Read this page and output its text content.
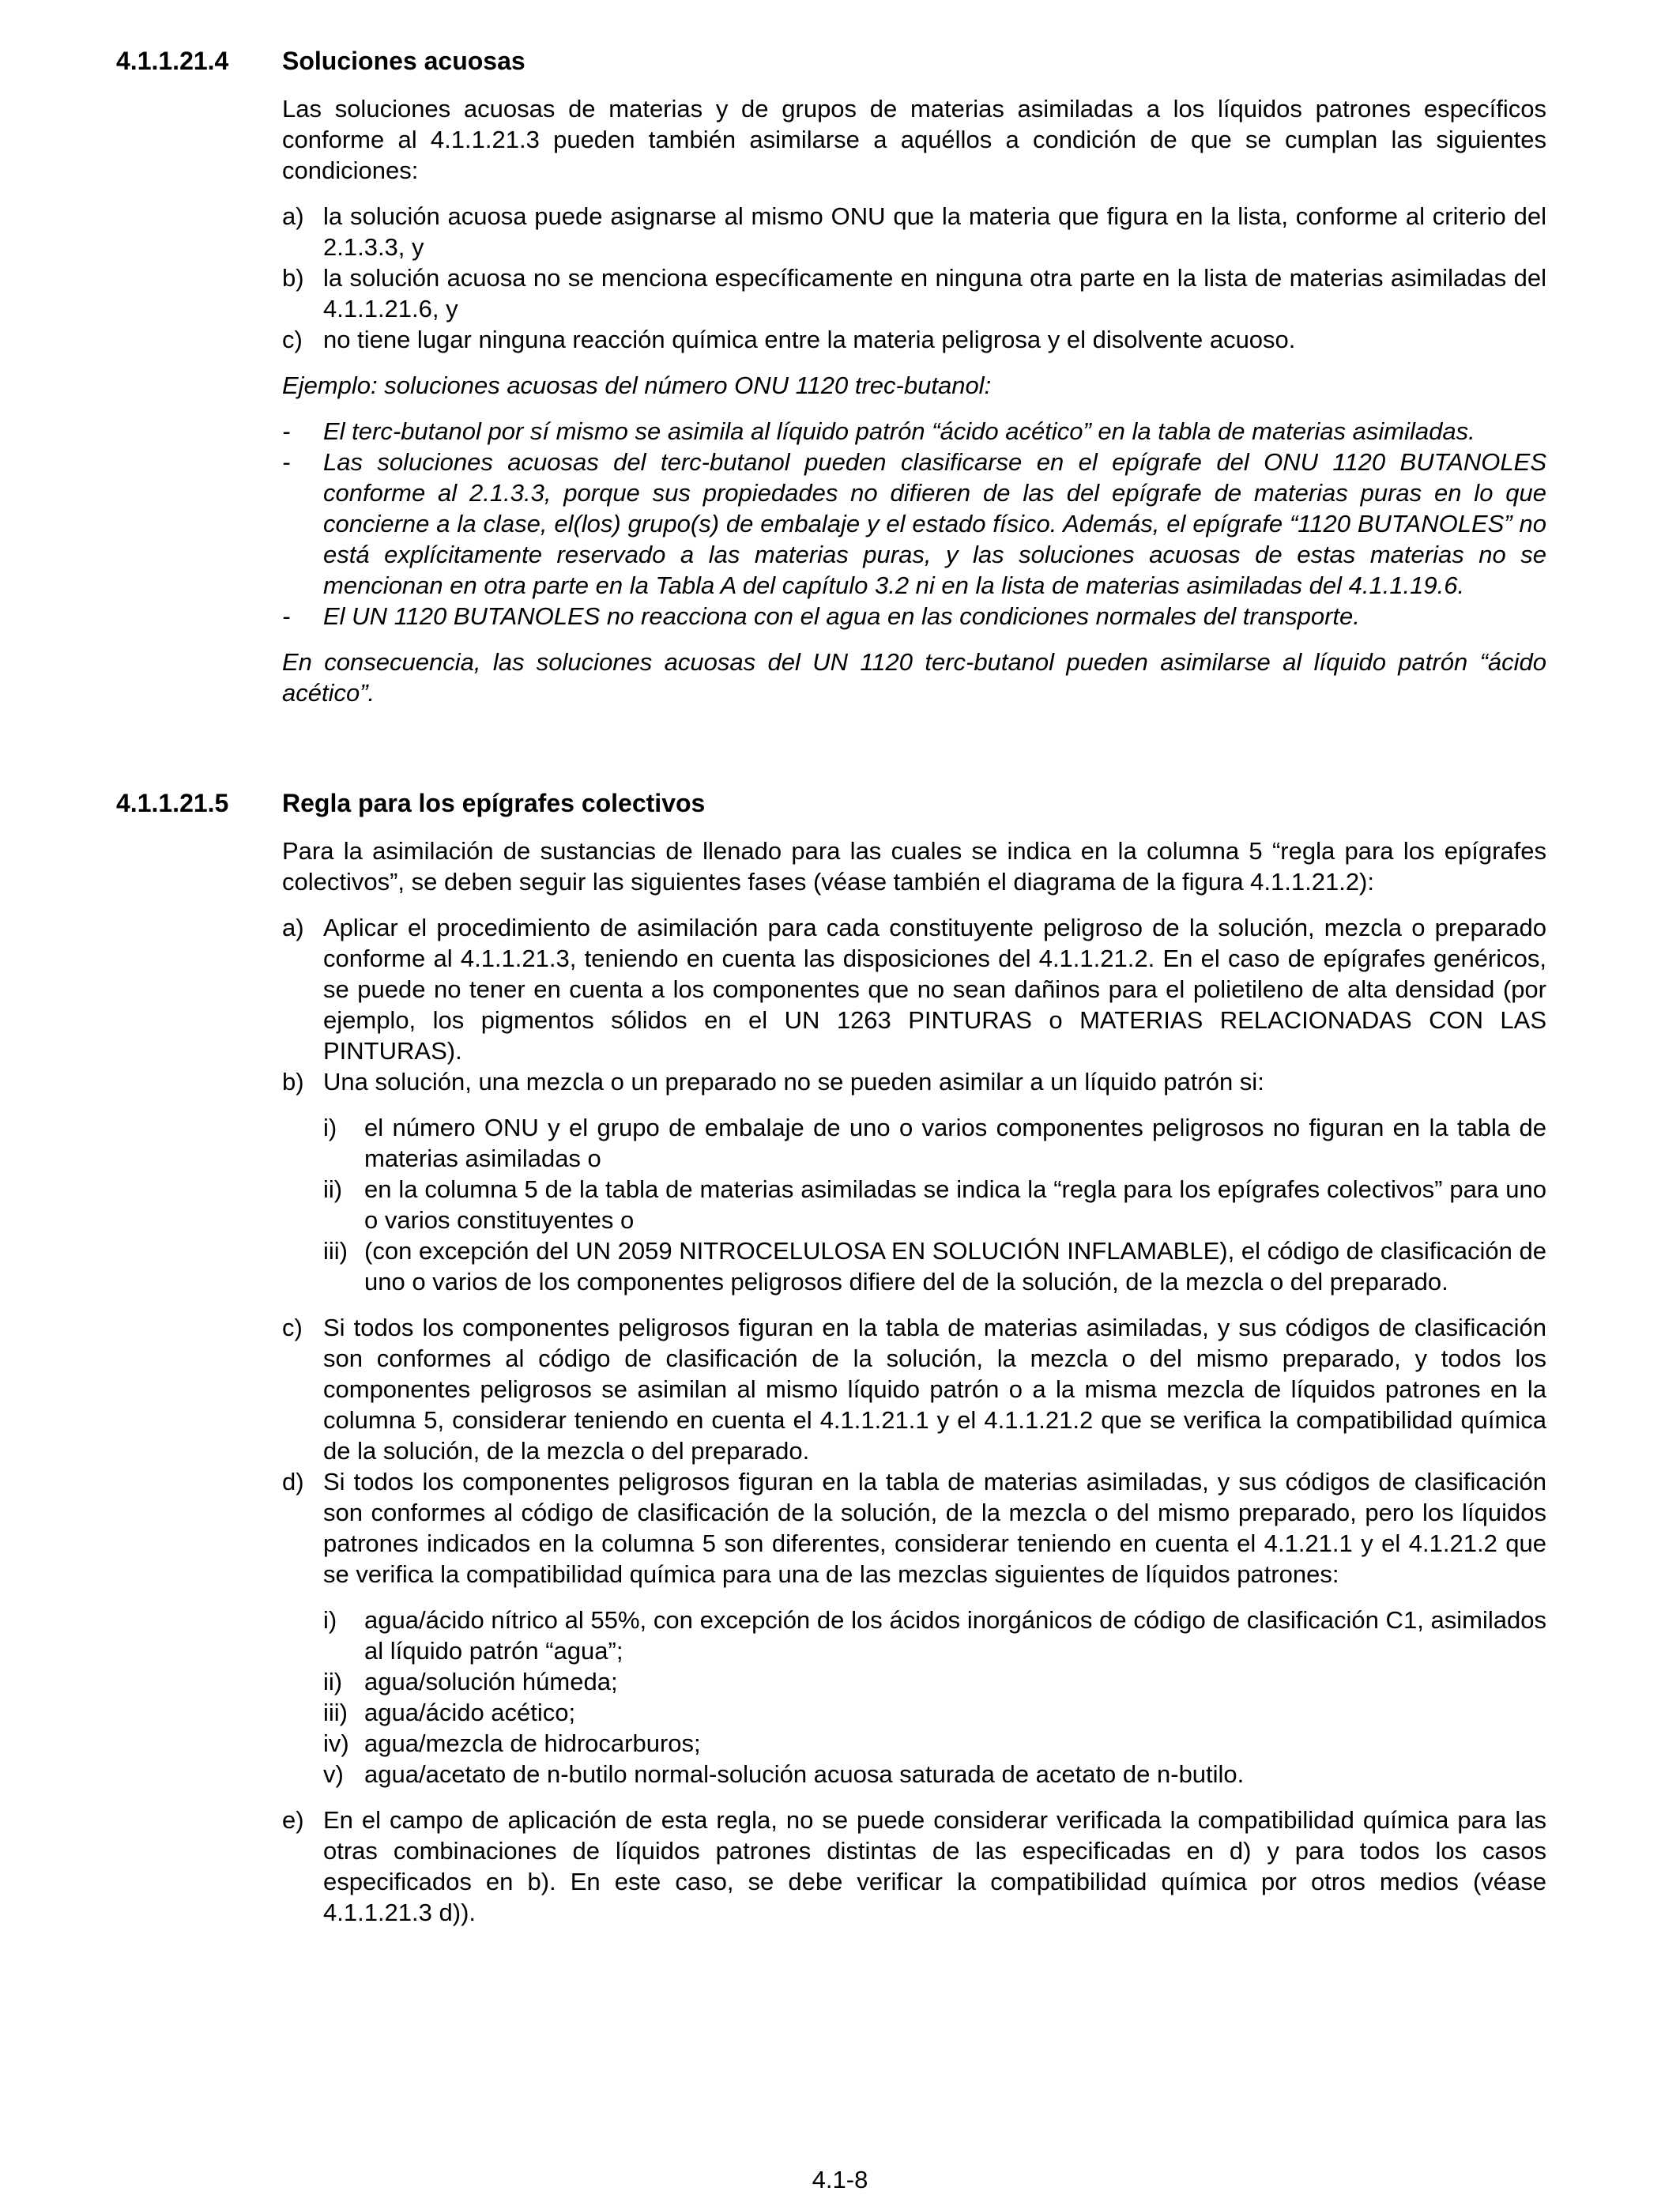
4.1.1.21.4 Soluciones acuosas

Las soluciones acuosas de materias y de grupos de materias asimiladas a los líquidos patrones específicos conforme al 4.1.1.21.3 pueden también asimilarse a aquéllos a condición de que se cumplan las siguientes condiciones:

a) la solución acuosa puede asignarse al mismo ONU que la materia que figura en la lista, conforme al criterio del 2.1.3.3, y
b) la solución acuosa no se menciona específicamente en ninguna otra parte en la lista de materias asimiladas del 4.1.1.21.6, y
c) no tiene lugar ninguna reacción química entre la materia peligrosa y el disolvente acuoso.

Ejemplo: soluciones acuosas del número ONU 1120 trec-butanol:

-	El terc-butanol por sí mismo se asimila al líquido patrón “ácido acético” en la tabla de materias asimiladas.
-	Las soluciones acuosas del terc-butanol pueden clasificarse en el epígrafe del ONU 1120 BUTANOLES conforme al 2.1.3.3, porque sus propiedades no difieren de las del epígrafe de materias puras en lo que concierne a la clase, el(los) grupo(s) de embalaje y el estado físico. Además, el epígrafe “1120 BUTANOLES” no está explícitamente reservado a las materias puras, y las soluciones acuosas de estas materias no se mencionan en otra parte en la Tabla A del capítulo 3.2 ni en la lista de materias asimiladas del 4.1.1.19.6.
-	El UN 1120 BUTANOLES no reacciona con el agua en las condiciones normales del transporte.

En consecuencia, las soluciones acuosas del UN 1120 terc-butanol pueden asimilarse al líquido patrón “ácido acético”.

4.1.1.21.5 Regla para los epígrafes colectivos

Para la asimilación de sustancias de llenado para las cuales se indica en la columna 5 “regla para los epígrafes colectivos”, se deben seguir las siguientes fases (véase también el diagrama de la figura 4.1.1.21.2):

a) Aplicar el procedimiento de asimilación para cada constituyente peligroso de la solución, mezcla o preparado conforme al 4.1.1.21.3, teniendo en cuenta las disposiciones del 4.1.1.21.2. En el caso de epígrafes genéricos, se puede no tener en cuenta a los componentes que no sean dañinos para el polietileno de alta densidad (por ejemplo, los pigmentos sólidos en el UN 1263 PINTURAS o MATERIAS RELACIONADAS CON LAS PINTURAS).
b) Una solución, una mezcla o un preparado no se pueden asimilar a un líquido patrón si:
i)	el número ONU y el grupo de embalaje de uno o varios componentes peligrosos no figuran en la tabla de materias asimiladas o
ii) en la columna 5 de la tabla de materias asimiladas se indica la “regla para los epígrafes colectivos” para uno o varios constituyentes o
iii) (con excepción del UN 2059 NITROCELULOSA EN SOLUCIÓN INFLAMABLE), el código de clasificación de uno o varios de los componentes peligrosos difiere del de la solución, de la mezcla o del preparado.
c) Si todos los componentes peligrosos figuran en la tabla de materias asimiladas, y sus códigos de clasificación son conformes al código de clasificación de la solución, la mezcla o del mismo preparado, y todos los componentes peligrosos se asimilan al mismo líquido patrón o a la misma mezcla de líquidos patrones en la columna 5, considerar teniendo en cuenta el 4.1.1.21.1 y el 4.1.1.21.2 que se verifica la compatibilidad química de la solución, de la mezcla o del preparado.
d) Si todos los componentes peligrosos figuran en la tabla de materias asimiladas, y sus códigos de clasificación son conformes al código de clasificación de la solución, de la mezcla o del mismo preparado, pero los líquidos patrones indicados en la columna 5 son diferentes, considerar teniendo en cuenta el 4.1.21.1 y el 4.1.21.2 que se verifica la compatibilidad química para una de las mezclas siguientes de líquidos patrones:
i)	agua/ácido nítrico al 55%, con excepción de los ácidos inorgánicos de código de clasificación C1, asimilados al líquido patrón “agua”;
ii) agua/solución húmeda;
iii) agua/ácido acético;
iv) agua/mezcla de hidrocarburos;
v) agua/acetato de n-butilo normal-solución acuosa saturada de acetato de n-butilo.
e) En el campo de aplicación de esta regla, no se puede considerar verificada la compatibilidad química para las otras combinaciones de líquidos patrones distintas de las especificadas en d) y para todos los casos especificados en b). En este caso, se debe verificar la compatibilidad química por otros medios (véase 4.1.1.21.3 d)).
4.1-8
